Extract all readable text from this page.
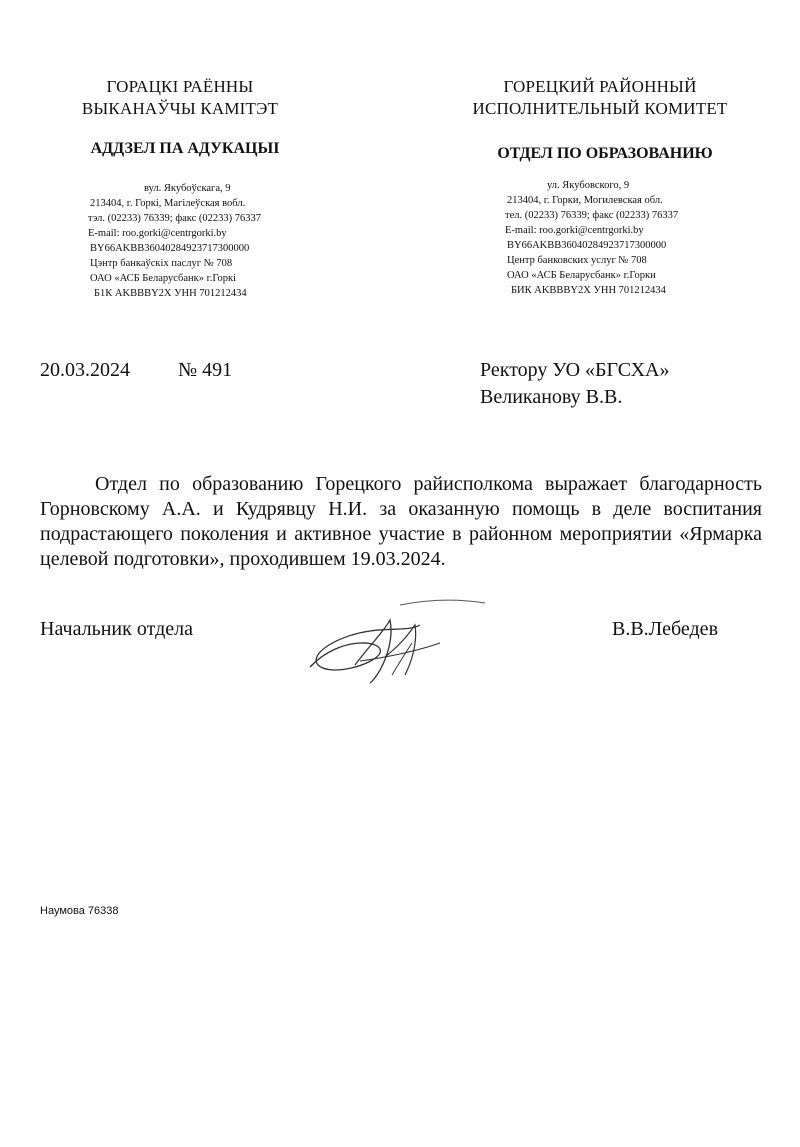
ГОРАЦКІ РАЁННЫ
ВЫКАНАЎЧЫ КАМІТЭТ
АДДЗЕЛ ПА АДУКАЦЫІ
вул. Якубоўскага, 9
213404, г. Горкі, Магілеўская вобл.
тэл. (02233) 76339; факс (02233) 76337
E-mail: roo.gorki@centrgorki.by
BY66AKBB36040284923717300000
Цэнтр банкаўскіх паслуг № 708
ОАО «АСБ Беларусбанк» г.Горкі
Б1К AKBBBY2X УНН 701212434
ГОРЕЦКИЙ РАЙОННЫЙ
ИСПОЛНИТЕЛЬНЫЙ КОМИТЕТ
ОТДЕЛ ПО ОБРАЗОВАНИЮ
ул. Якубовского, 9
213404, г. Горки, Могилевская обл.
тел. (02233) 76339; факс (02233) 76337
E-mail: roo.gorki@centrgorki.by
BY66AKBB36040284923717300000
Центр банковских услуг № 708
ОАО «АСБ Беларусбанк» г.Горки
БИК AKBBBY2X УНН 701212434
20.03.2024 № 491	Ректору УО «БГСХА»
Великанову В.В.

Отдел по образованию Горецкого райисполкома выражает благодарность Горновскому А.А. и Кудрявцу Н.И. за оказанную помощь в деле воспитания подрастающего поколения и активное участие в районном мероприятии «Ярмарка целевой подготовки», проходившем 19.03.2024.

Начальник отдела	В.В.Лебедев
Наумова 76338
